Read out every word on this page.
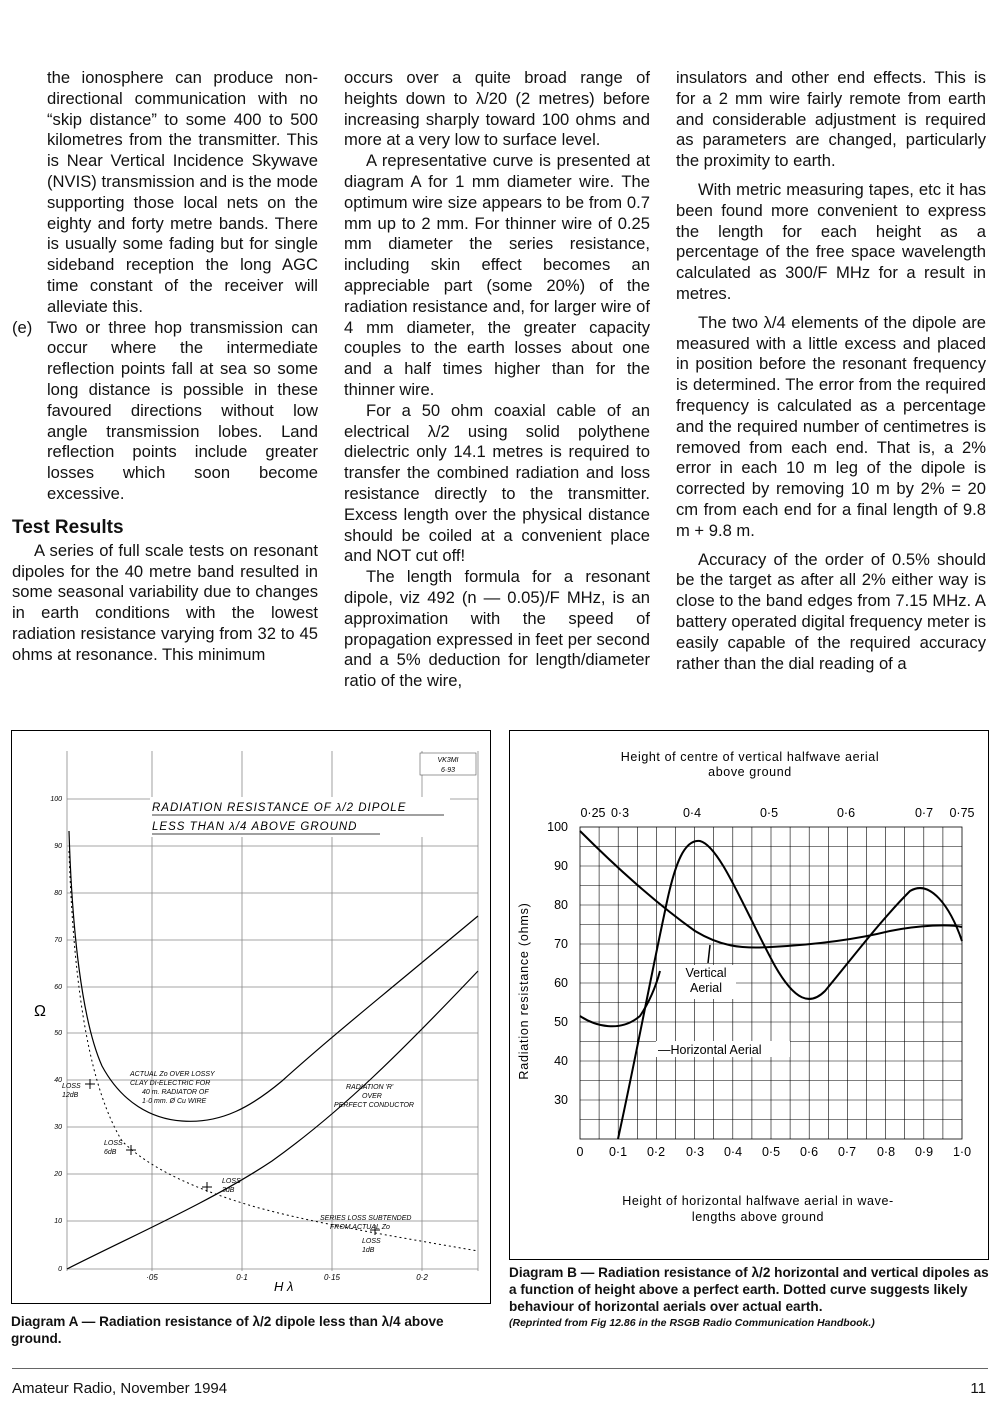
the ionosphere can produce non-directional communication with no “skip distance” to some 400 to 500 kilometres from the transmitter. This is Near Vertical Incidence Skywave (NVIS) transmission and is the mode supporting those local nets on the eighty and forty metre bands. There is usually some fading but for single sideband reception the long AGC time constant of the receiver will alleviate this.

(e) Two or three hop transmission can occur where the intermediate reflection points fall at sea so some long distance is possible in these favoured directions without low angle transmission lobes. Land reflection points include greater losses which soon become excessive.

Test Results

A series of full scale tests on resonant dipoles for the 40 metre band resulted in some seasonal variability due to changes in earth conditions with the lowest radiation resistance varying from 32 to 45 ohms at resonance. This minimum

occurs over a quite broad range of heights down to λ/20 (2 metres) before increasing sharply toward 100 ohms and more at a very low to surface level.

A representative curve is presented at diagram A for 1 mm diameter wire. The optimum wire size appears to be from 0.7 mm up to 2 mm. For thinner wire of 0.25 mm diameter the series resistance, including skin effect becomes an appreciable part (some 20%) of the radiation resistance and, for larger wire of 4 mm diameter, the greater capacity couples to the earth losses about one and a half times higher than for the thinner wire.

For a 50 ohm coaxial cable of an electrical λ/2 using solid polythene dielectric only 14.1 metres is required to transfer the combined radiation and loss resistance directly to the transmitter. Excess length over the physical distance should be coiled at a convenient place and NOT cut off!

The length formula for a resonant dipole, viz 492 (n — 0.05)/F MHz, is an approximation with the speed of propagation expressed in feet per second and a 5% deduction for length/diameter ratio of the wire,

insulators and other end effects. This is for a 2 mm wire fairly remote from earth and considerable adjustment is required as parameters are changed, particularly the proximity to earth.

With metric measuring tapes, etc it has been found more convenient to express the length for each height as a percentage of the free space wavelength calculated as 300/F MHz for a result in metres.

The two λ/4 elements of the dipole are measured with a little excess and placed in position before the resonant frequency is determined. The error from the required frequency is calculated as a percentage and the required number of centimetres is removed from each end. That is, a 2% error in each 10 m leg of the dipole is corrected by removing 10 m by 2% = 20 cm from each end for a final length of 9.8 m + 9.8 m.

Accuracy of the order of 0.5% should be the target as after all 2% either way is close to the band edges from 7.15 MHz. A battery operated digital frequency meter is easily capable of the required accuracy rather than the dial reading of a

100
90
80
70
60
50
40
30
20
10
0
·05	0·1	0·15	0·2
Ω
H λ
VK3MI
6·93
RADIATION RESISTANCE OF λ/2 DIPOLE
LESS THAN λ/4 ABOVE GROUND
LOSS
12dB
LOSS
6dB
LOSS
3dB
LOSS
1dB
ACTUAL Zo OVER LOSSY
CLAY DI-ELECTRIC FOR
40 m. RADIATOR OF
1·0 mm. Ø Cu WIRE
RADIATION 'R'
OVER
PERFECT CONDUCTOR
SERIES LOSS SUBTENDED
FROM ACTUAL Zo
Height of centre of vertical halfwave aerial
above ground
0·25 0·3	0·4	0·5	0·6	0·7 0·75
100
90
80
70
60
50
40
30
Radiation resistance (ohms)
0 0·1 0·2 0·3 0·4 0·5 0·6 0·7 0·8 0·9 1·0
Vertical
Aerial
—Horizontal Aerial
Height of horizontal halfwave aerial in wave-
lengths above ground
Diagram A — Radiation resistance of λ/2 dipole less than λ/4 above ground.
Diagram B — Radiation resistance of λ/2 horizontal and vertical dipoles as a function of height above a perfect earth. Dotted curve suggests likely behaviour of horizontal aerials over actual earth.
(Reprinted from Fig 12.86 in the RSGB Radio Communication Handbook.)
Amateur Radio, November 1994	11
